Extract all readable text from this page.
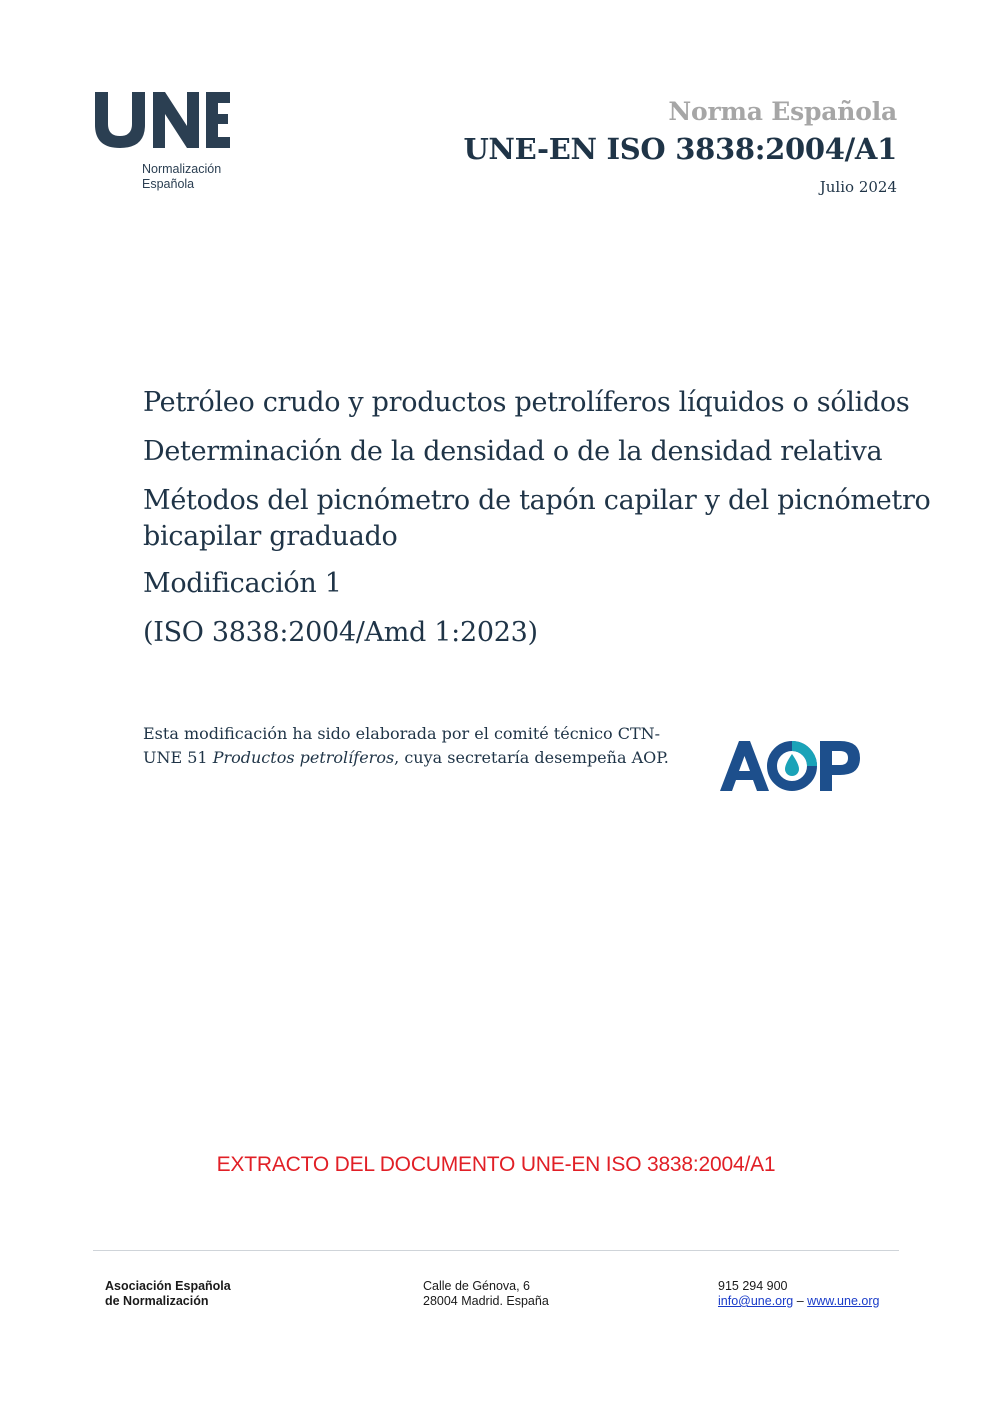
Normalización
Española
Norma Española
UNE-EN ISO 3838:2004/A1
Julio 2024
Petróleo crudo y productos petrolíferos líquidos o sólidos
Determinación de la densidad o de la densidad relativa
Métodos del picnómetro de tapón capilar y del picnómetro bicapilar graduado
Modificación 1
(ISO 3838:2004/Amd 1:2023)
Esta modificación ha sido elaborada por el comité técnico CTN-UNE 51 Productos petrolíferos, cuya secretaría desempeña AOP.
EXTRACTO DEL DOCUMENTO UNE-EN ISO 3838:2004/A1
Asociación Española
de Normalización
Calle de Génova, 6
28004 Madrid. España
915 294 900
info@une.org – www.une.org
